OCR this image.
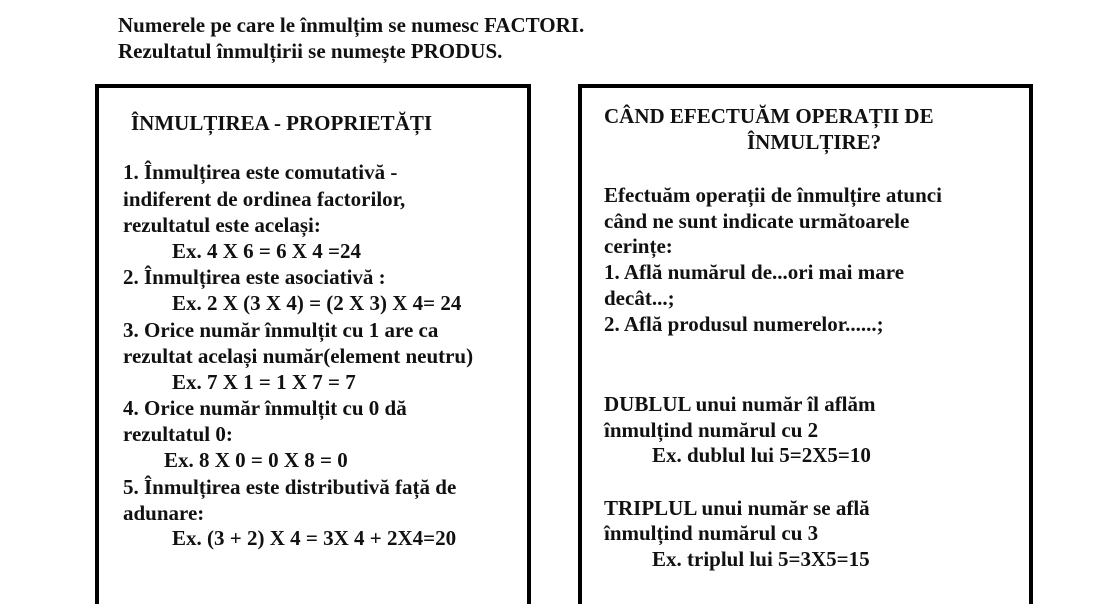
Numerele pe care le înmulțim se numesc FACTORI.
Rezultatul înmulțirii se numește PRODUS.
ÎNMULȚIREA - PROPRIETĂȚI
1. Înmulțirea este comutativă -
indiferent de ordinea factorilor,
rezultatul este același:
Ex. 4 X 6 = 6 X 4 =24
2. Înmulțirea este asociativă :
Ex. 2 X (3 X 4) = (2 X 3) X 4= 24
3. Orice număr înmulțit cu 1 are ca
rezultat același număr(element neutru)
Ex. 7 X 1 = 1 X 7 = 7
4. Orice număr înmulțit cu 0 dă
rezultatul 0:
Ex. 8 X 0 = 0 X 8 = 0
5. Înmulțirea este distributivă față de
adunare:
Ex. (3 + 2) X 4 = 3X 4 + 2X4=20
CÂND EFECTUĂM OPERAȚII DE
ÎNMULȚIRE?
Efectuăm operații de înmulțire atunci
când ne sunt indicate următoarele
cerințe:
1. Află numărul de...ori mai mare
decât...;
2. Află produsul numerelor......;
DUBLUL unui număr îl aflăm
înmulțind numărul cu 2
Ex. dublul lui 5=2X5=10
TRIPLUL unui număr se află
înmulțind numărul cu 3
Ex. triplul lui 5=3X5=15
